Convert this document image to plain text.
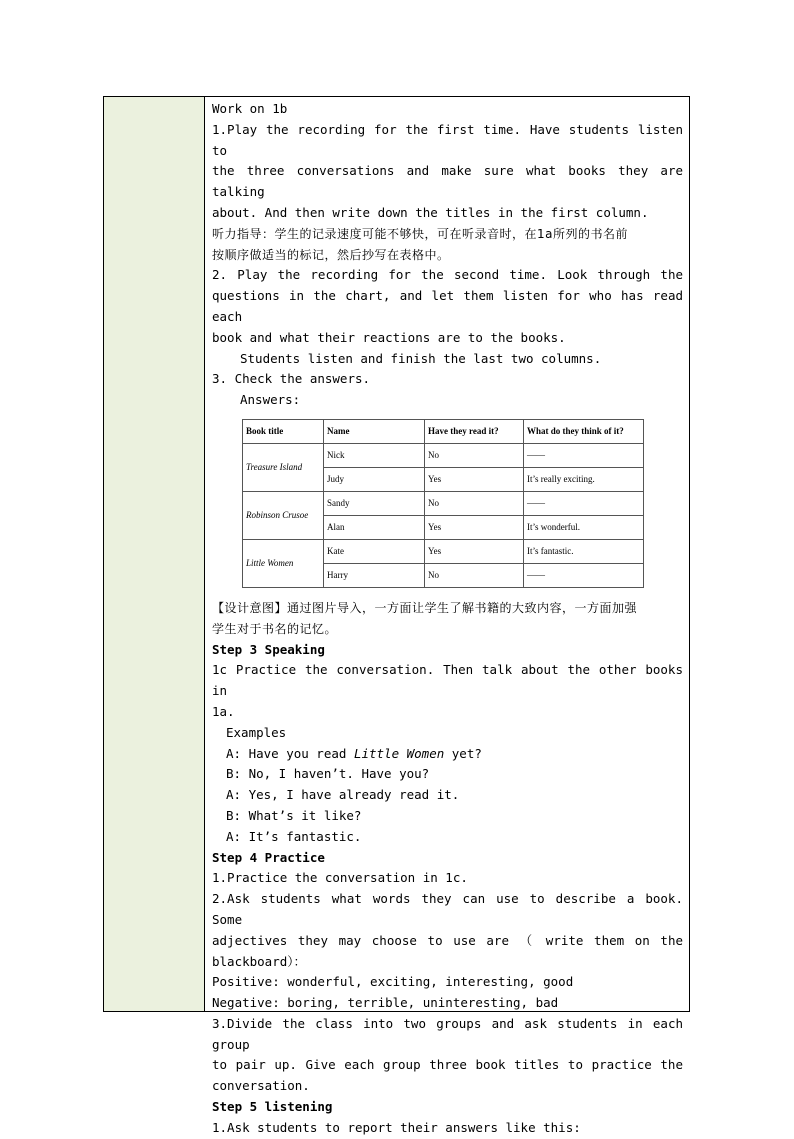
Work on 1b
1.Play the recording for the first time. Have students listen to
the three conversations and make sure what books they are talking
about. And then write down the titles in the first column.
听力指导：学生的记录速度可能不够快，可在听录音时，在1a所列的书名前
按顺序做适当的标记，然后抄写在表格中。
2. Play the recording for the second time. Look through the
questions in the chart, and let them listen for who has read each
book and what their reactions are to the books.
Students listen and finish the last two columns.
3. Check the answers.
Answers:
Book title	Name	Have they read it?	What do they think of it?
Treasure Island	Nick	No	——
	Judy	Yes	It’s really exciting.
Robinson Crusoe	Sandy	No	——
	Alan	Yes	It’s wonderful.
Little Women	Kate	Yes	It’s fantastic.
	Harry	No	——
【设计意图】通过图片导入，一方面让学生了解书籍的大致内容，一方面加强
学生对于书名的记忆。
Step 3 Speaking
1c Practice the conversation. Then talk about the other books in
1a.
Examples
A: Have you read Little Women yet?
B: No, I haven’t. Have you?
A: Yes, I have already read it.
B: What’s it like?
A: It’s fantastic.
Step 4 Practice
1.Practice the conversation in 1c.
2.Ask students what words they can use to describe a book. Some
adjectives they may choose to use are （ write them on the
blackboard）：
Positive: wonderful, exciting, interesting, good
Negative: boring, terrible, uninteresting, bad
3.Divide the class into two groups and ask students in each group
to pair up. Give each group three book titles to practice the
conversation.
Step 5 listening
1.Ask students to report their answers like this:
